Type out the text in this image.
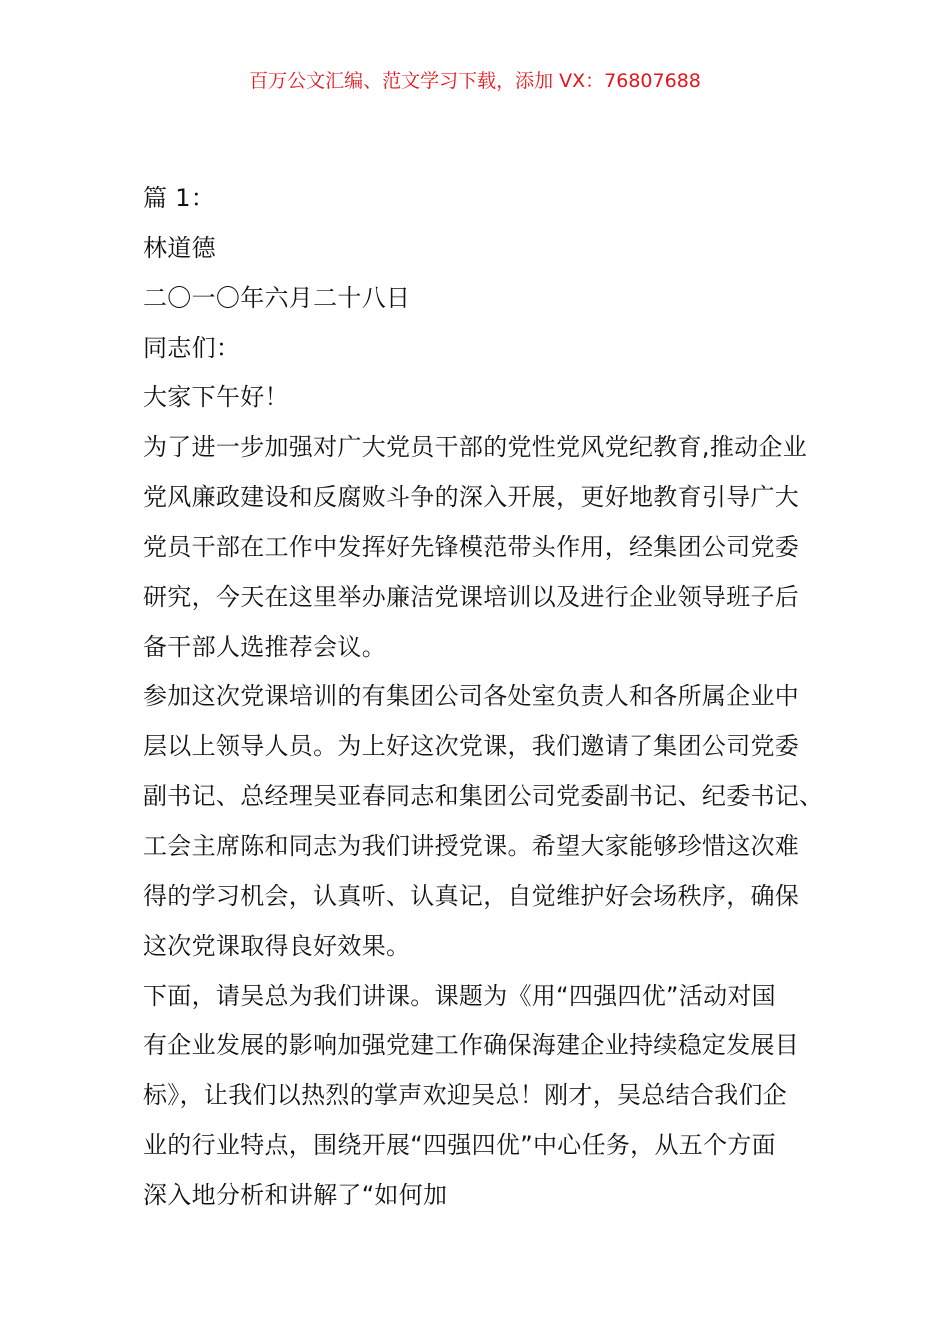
百万公文汇编、范文学习下载，添加 VX：76807688
篇 1：
林道德
二〇一〇年六月二十八日
同志们：
大家下午好！
为了进一步加强对广大党员干部的党性党风党纪教育,推动企业
党风廉政建设和反腐败斗争的深入开展，更好地教育引导广大
党员干部在工作中发挥好先锋模范带头作用，经集团公司党委
研究，今天在这里举办廉洁党课培训以及进行企业领导班子后
备干部人选推荐会议。
参加这次党课培训的有集团公司各处室负责人和各所属企业中
层以上领导人员。为上好这次党课，我们邀请了集团公司党委
副书记、总经理吴亚春同志和集团公司党委副书记、纪委书记、
工会主席陈和同志为我们讲授党课。希望大家能够珍惜这次难
得的学习机会，认真听、认真记，自觉维护好会场秩序，确保
这次党课取得良好效果。
下面，请吴总为我们讲课。课题为《用“四强四优”活动对国
有企业发展的影响加强党建工作确保海建企业持续稳定发展目
标》，让我们以热烈的掌声欢迎吴总！刚才，吴总结合我们企
业的行业特点，围绕开展“四强四优”中心任务，从五个方面
深入地分析和讲解了“如何加
